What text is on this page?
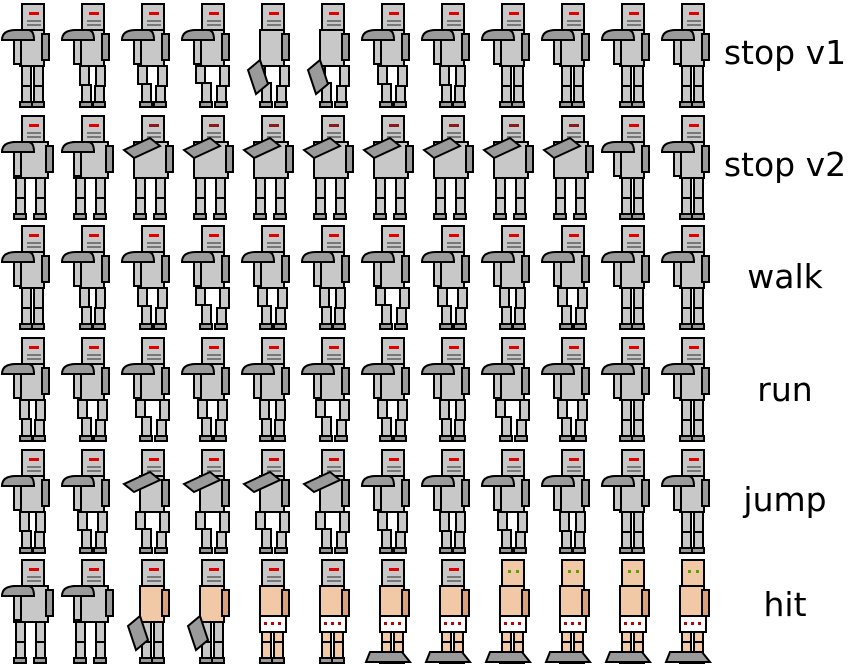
stop v1
stop v2
walk
run
jump
hit
